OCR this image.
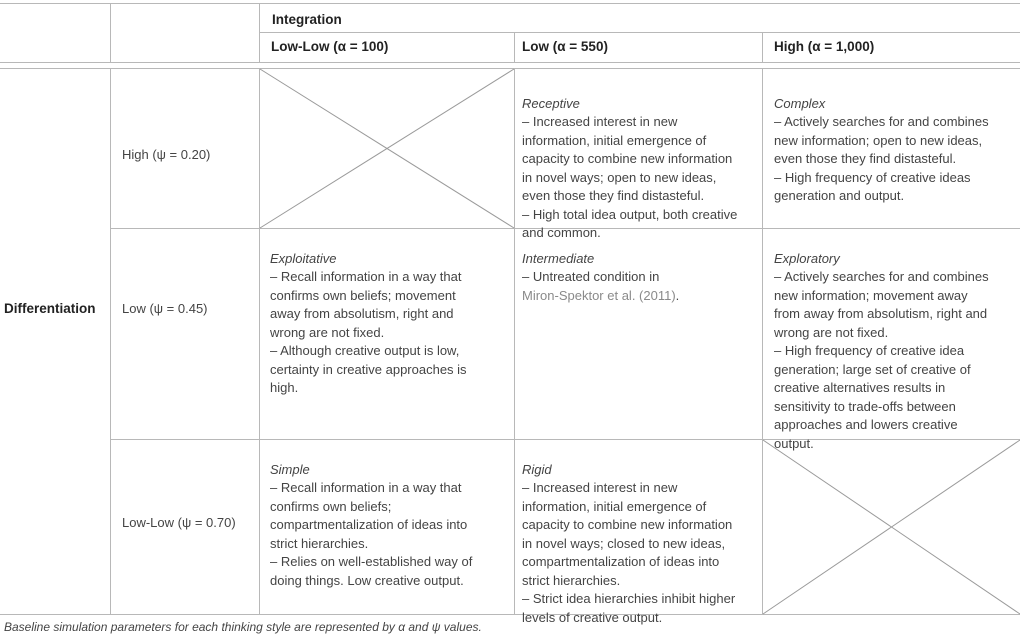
Integration
Low-Low (α = 100)	Low (α = 550)	High (α = 1,000)
Differentiation
High (ψ = 0.20)
Low (ψ = 0.45)
Low-Low (ψ = 0.70)

Receptive
– Increased interest in new
information, initial emergence of
capacity to combine new information
in novel ways; open to new ideas,
even those they find distasteful.
– High total idea output, both creative
and common.

Complex
– Actively searches for and combines
new information; open to new ideas,
even those they find distasteful.
– High frequency of creative ideas
generation and output.

Exploitative
– Recall information in a way that
confirms own beliefs; movement
away from absolutism, right and
wrong are not fixed.
– Although creative output is low,
certainty in creative approaches is
high.

Intermediate
– Untreated condition in
Miron-Spektor et al. (2011).

Exploratory
– Actively searches for and combines
new information; movement away
from away from absolutism, right and
wrong are not fixed.
– High frequency of creative idea
generation; large set of creative of
creative alternatives results in
sensitivity to trade-offs between
approaches and lowers creative
output.

Simple
– Recall information in a way that
confirms own beliefs;
compartmentalization of ideas into
strict hierarchies.
– Relies on well-established way of
doing things. Low creative output.

Rigid
– Increased interest in new
information, initial emergence of
capacity to combine new information
in novel ways; closed to new ideas,
compartmentalization of ideas into
strict hierarchies.
– Strict idea hierarchies inhibit higher
levels of creative output.

Baseline simulation parameters for each thinking style are represented by α and ψ values.
